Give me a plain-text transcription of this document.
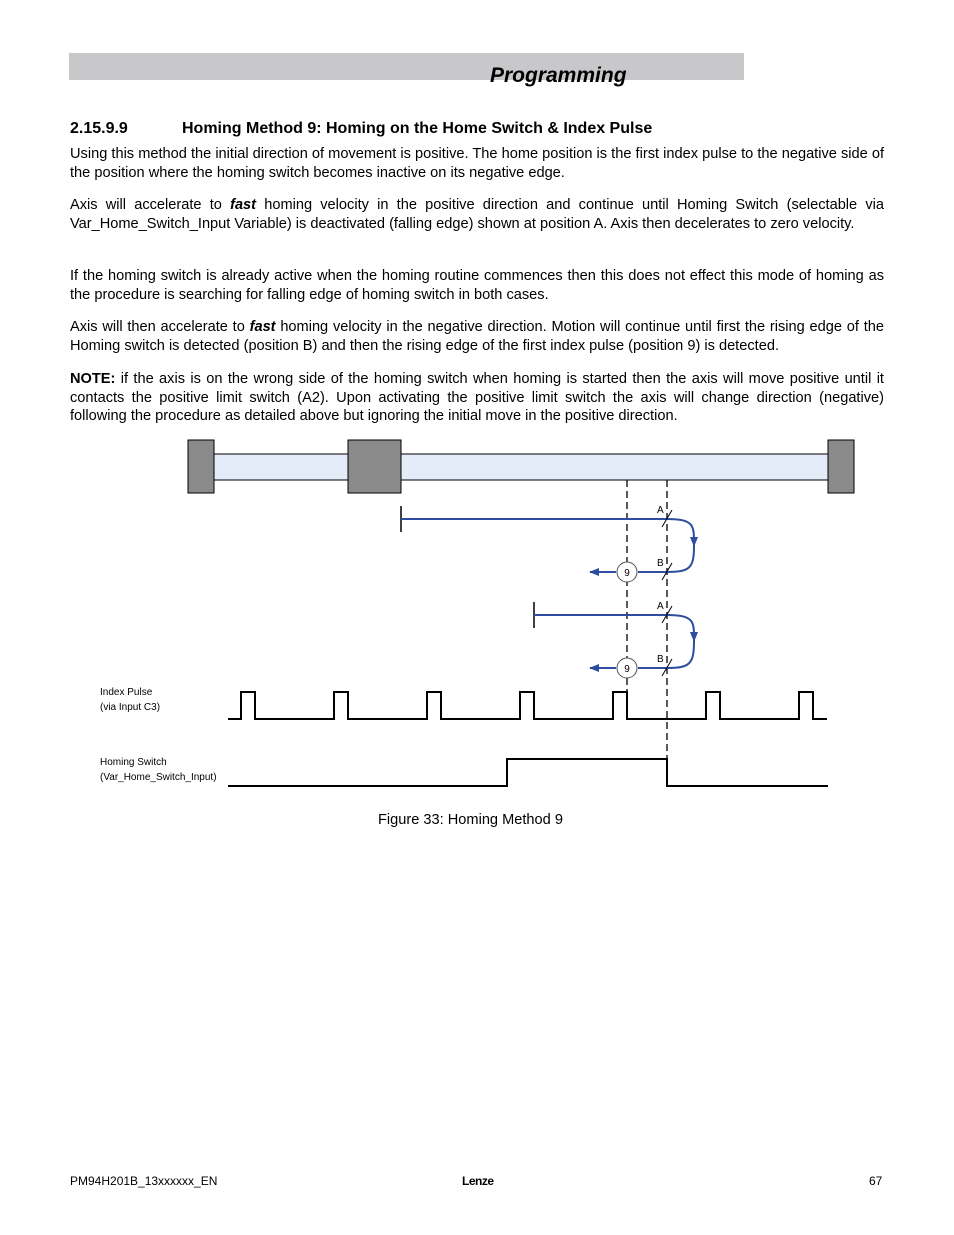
Programming
2.15.9.9	Homing Method 9: Homing on the Home Switch & Index Pulse

Using this method the initial direction of movement is positive. The home position is the first index pulse to the negative side of the position where the homing switch becomes inactive on its negative edge.

Axis will accelerate to fast homing velocity in the positive direction and continue until Homing Switch (selectable via Var_Home_Switch_Input Variable) is deactivated (falling edge) shown at position A. Axis then decelerates to zero velocity.

If the homing switch is already active when the homing routine commences then this does not effect this mode of homing as the procedure is searching for falling edge of homing switch in both cases.

Axis will then accelerate to fast homing velocity in the negative direction. Motion will continue until first the rising edge of the Homing switch is detected (position B) and then the rising edge of the first index pulse (position 9) is detected.

NOTE: if the axis is on the wrong side of the homing switch when homing is started then the axis will move positive until it contacts the positive limit switch (A2). Upon activating the positive limit switch the axis will change direction (negative) following the procedure as detailed above but ignoring the initial move in the positive direction.

9
A
B
9
A
B
Index Pulse
(via Input C3)
Homing Switch
(Var_Home_Switch_Input)

Figure 33: Homing Method 9

PM94H201B_13xxxxxx_EN	Lenze	67
